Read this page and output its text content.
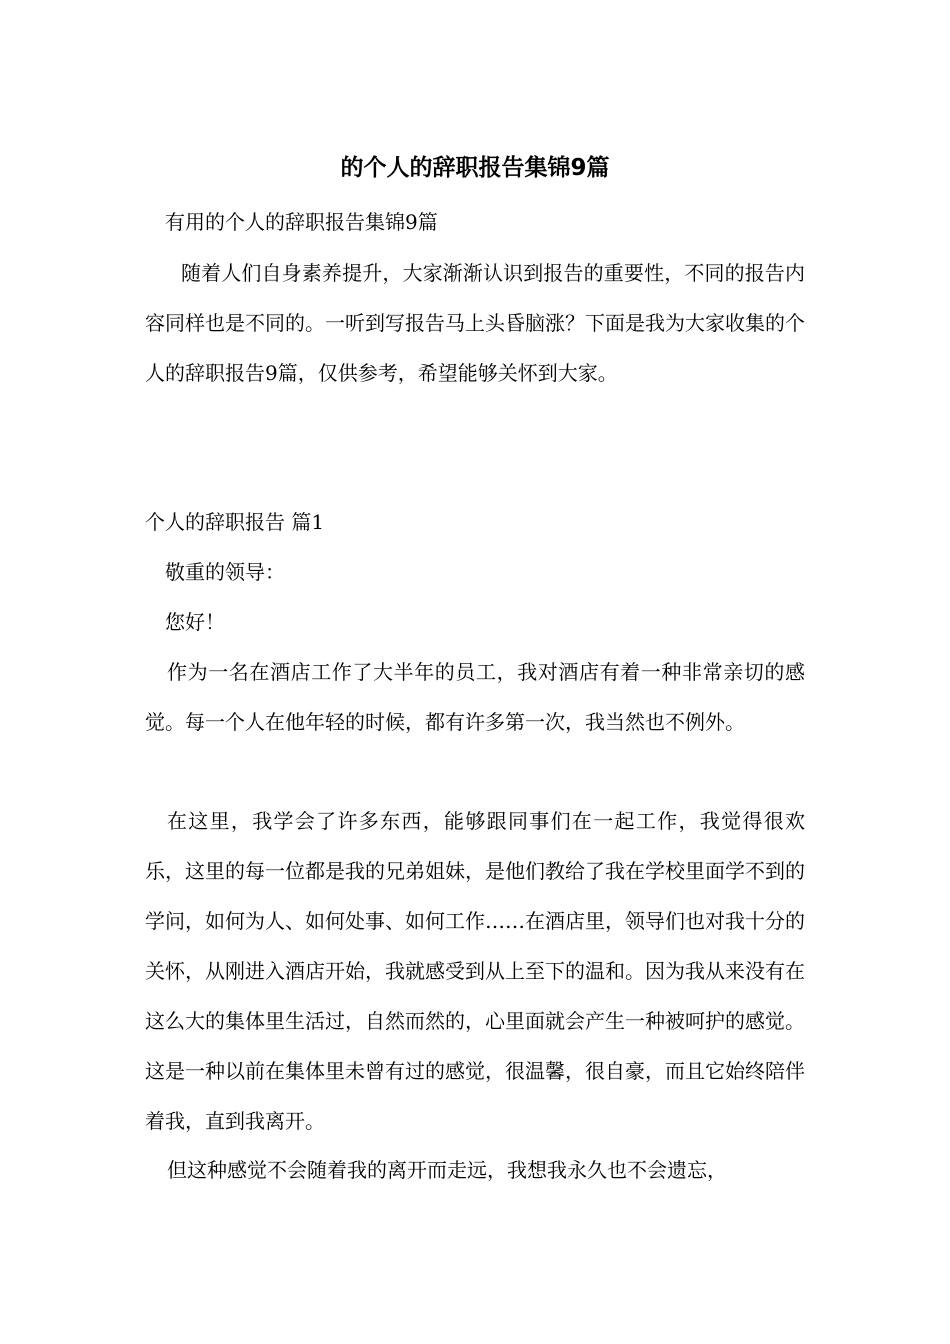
的个人的辞职报告集锦9篇
有用的个人的辞职报告集锦9篇
随着人们自身素养提升，大家渐渐认识到报告的重要性，不同的报告内容同样也是不同的。一听到写报告马上头昏脑涨？下面是我为大家收集的个人的辞职报告9篇，仅供参考，希望能够关怀到大家。
个人的辞职报告 篇1
敬重的领导：
您好！
作为一名在酒店工作了大半年的员工，我对酒店有着一种非常亲切的感觉。每一个人在他年轻的时候，都有许多第一次，我当然也不例外。
在这里，我学会了许多东西，能够跟同事们在一起工作，我觉得很欢乐，这里的每一位都是我的兄弟姐妹，是他们教给了我在学校里面学不到的学问，如何为人、如何处事、如何工作……在酒店里，领导们也对我十分的关怀，从刚进入酒店开始，我就感受到从上至下的温和。因为我从来没有在这么大的集体里生活过，自然而然的，心里面就会产生一种被呵护的感觉。这是一种以前在集体里未曾有过的感觉，很温馨，很自豪，而且它始终陪伴着我，直到我离开。
但这种感觉不会随着我的离开而走远，我想我永久也不会遗忘，
